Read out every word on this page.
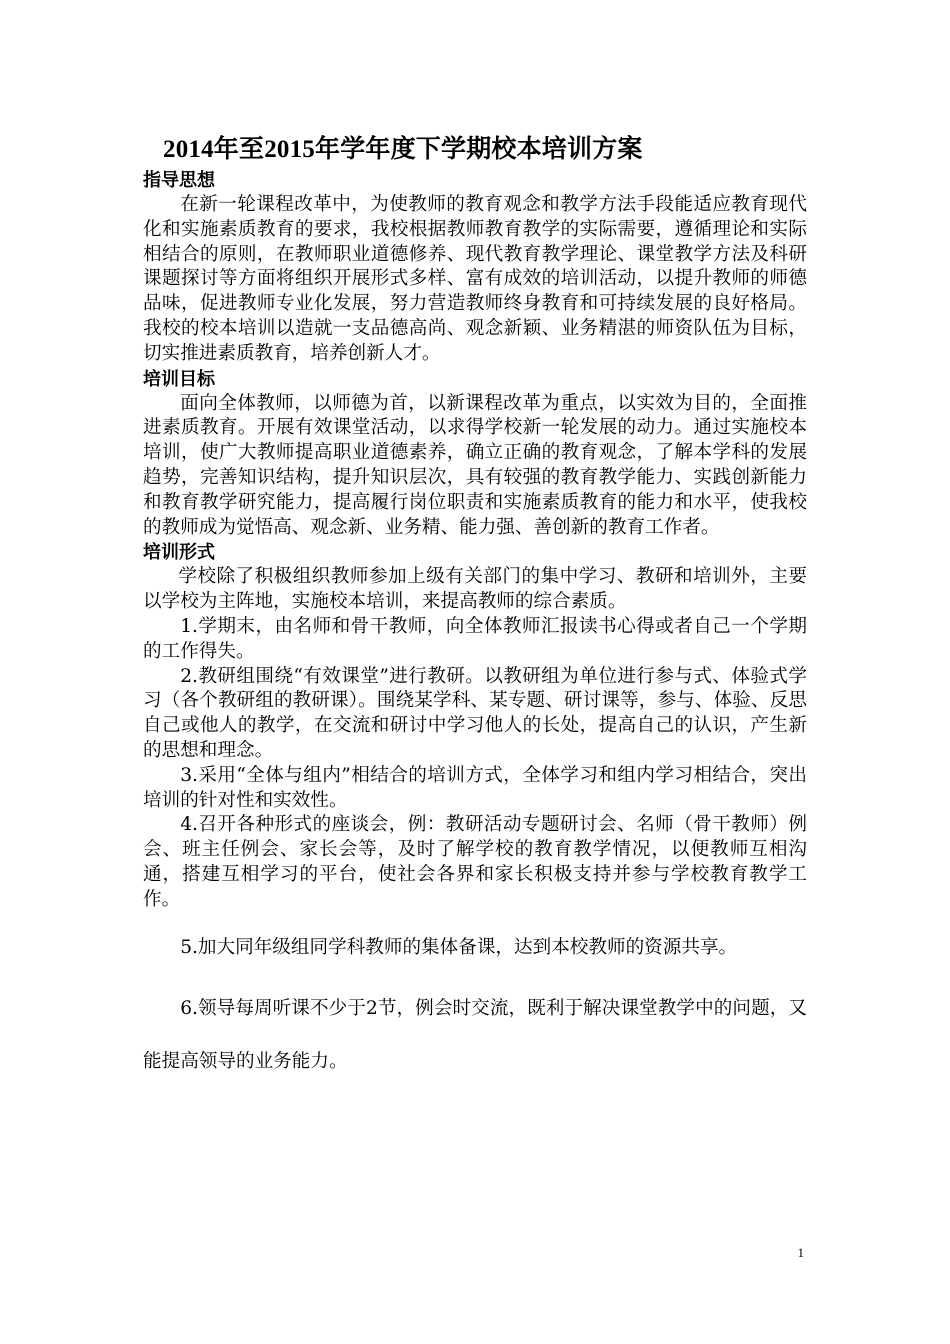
2014年至2015年学年度下学期校本培训方案
指导思想

在新一轮课程改革中，为使教师的教育观念和教学方法手段能适应教育现代化和实施素质教育的要求，我校根据教师教育教学的实际需要，遵循理论和实际相结合的原则，在教师职业道德修养、现代教育教学理论、课堂教学方法及科研课题探讨等方面将组织开展形式多样、富有成效的培训活动，以提升教师的师德品味，促进教师专业化发展，努力营造教师终身教育和可持续发展的良好格局。我校的校本培训以造就一支品德高尚、观念新颖、业务精湛的师资队伍为目标，切实推进素质教育，培养创新人才。

培训目标

面向全体教师，以师德为首，以新课程改革为重点，以实效为目的，全面推进素质教育。开展有效课堂活动，以求得学校新一轮发展的动力。通过实施校本培训，使广大教师提高职业道德素养，确立正确的教育观念，了解本学科的发展趋势，完善知识结构，提升知识层次，具有较强的教育教学能力、实践创新能力和教育教学研究能力，提高履行岗位职责和实施素质教育的能力和水平，使我校的教师成为觉悟高、观念新、业务精、能力强、善创新的教育工作者。

培训形式

学校除了积极组织教师参加上级有关部门的集中学习、教研和培训外，主要以学校为主阵地，实施校本培训，来提高教师的综合素质。

1.学期末，由名师和骨干教师，向全体教师汇报读书心得或者自己一个学期的工作得失。

2.教研组围绕“有效课堂”进行教研。以教研组为单位进行参与式、体验式学习（各个教研组的教研课）。围绕某学科、某专题、研讨课等，参与、体验、反思自己或他人的教学，在交流和研讨中学习他人的长处，提高自己的认识，产生新的思想和理念。

3.采用“全体与组内”相结合的培训方式，全体学习和组内学习相结合，突出培训的针对性和实效性。

4.召开各种形式的座谈会，例：教研活动专题研讨会、名师（骨干教师）例会、班主任例会、家长会等，及时了解学校的教育教学情况，以便教师互相沟通，搭建互相学习的平台，使社会各界和家长积极支持并参与学校教育教学工作。

5.加大同年级组同学科教师的集体备课，达到本校教师的资源共享。

6.领导每周听课不少于2节，例会时交流，既利于解决课堂教学中的问题，又能提高领导的业务能力。

1
